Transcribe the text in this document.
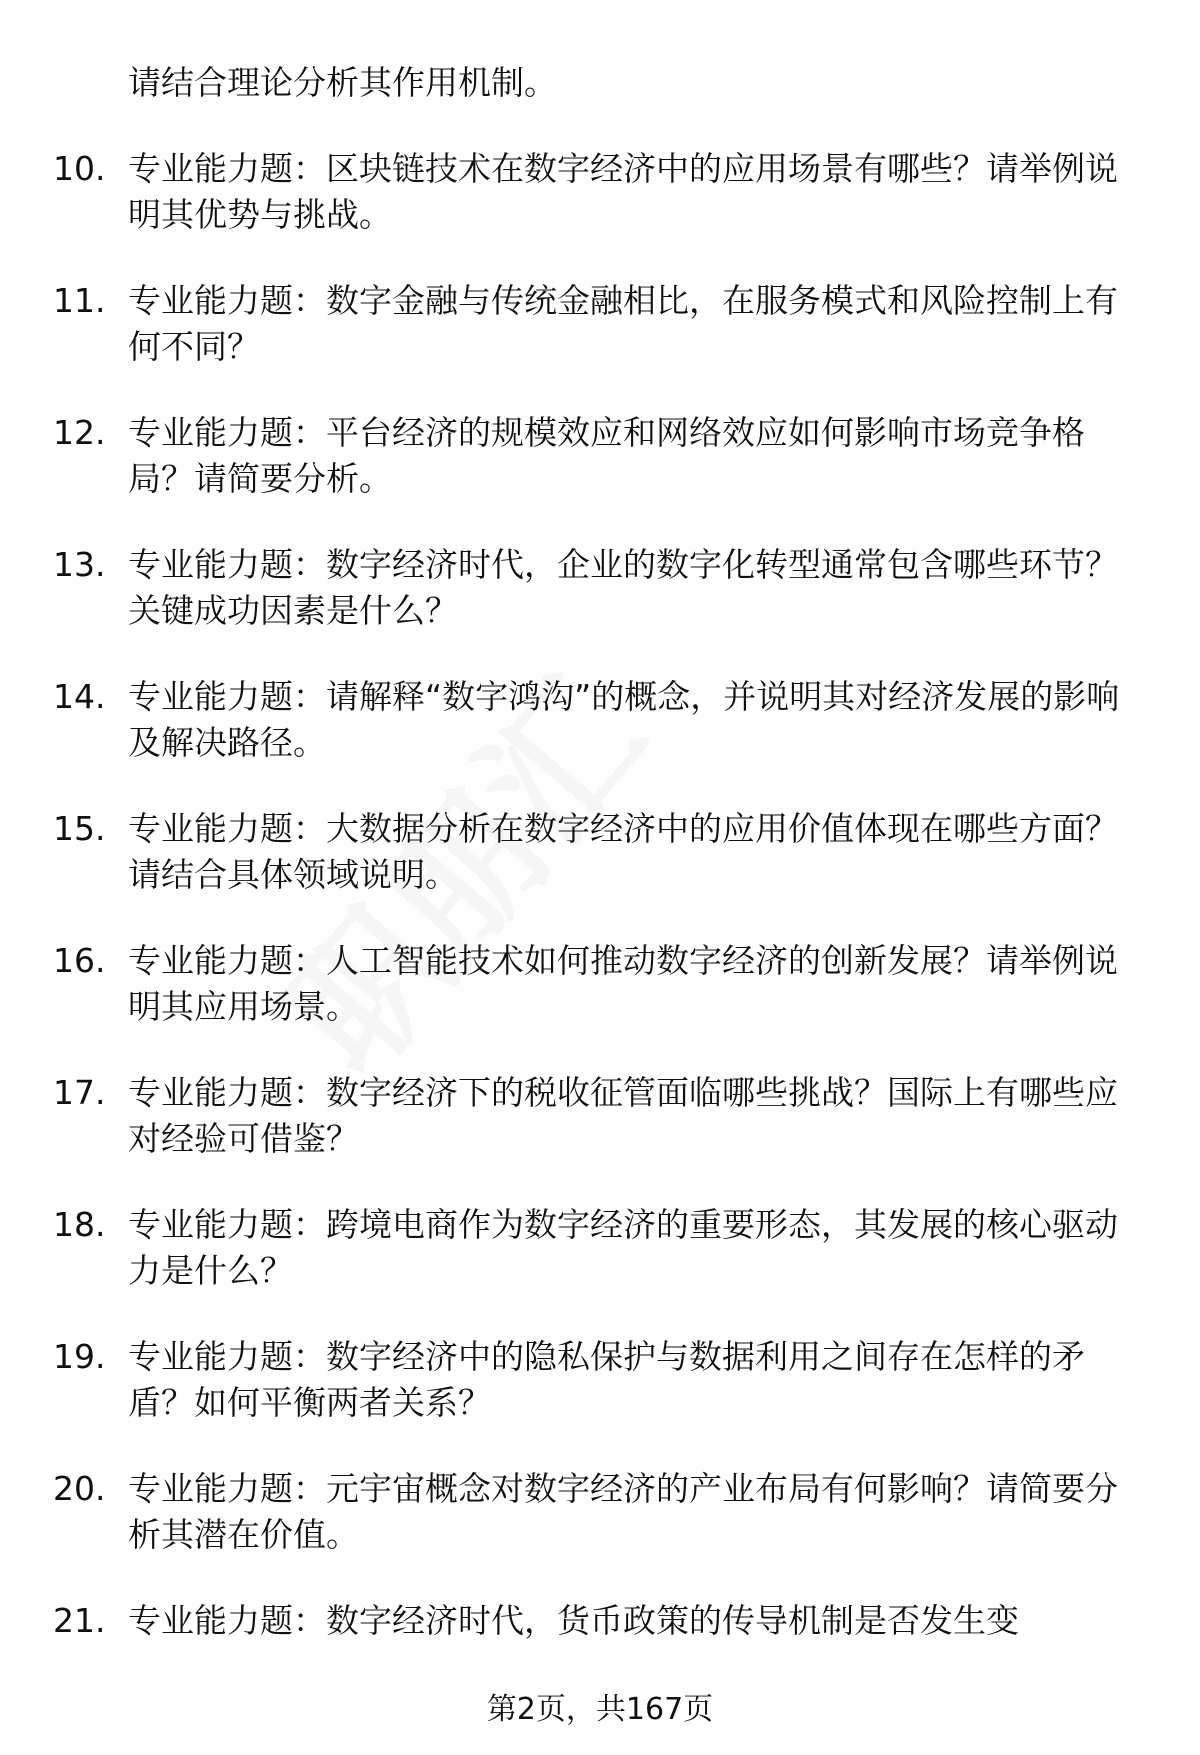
请结合理论分析其作用机制。
10. 专业能力题：区块链技术在数字经济中的应用场景有哪些？请举例说明其优势与挑战。
11. 专业能力题：数字金融与传统金融相比，在服务模式和风险控制上有何不同？
12. 专业能力题：平台经济的规模效应和网络效应如何影响市场竞争格局？请简要分析。
13. 专业能力题：数字经济时代，企业的数字化转型通常包含哪些环节？关键成功因素是什么？
14. 专业能力题：请解释“数字鸿沟”的概念，并说明其对经济发展的影响及解决路径。
15. 专业能力题：大数据分析在数字经济中的应用价值体现在哪些方面？请结合具体领域说明。
16. 专业能力题：人工智能技术如何推动数字经济的创新发展？请举例说明其应用场景。
17. 专业能力题：数字经济下的税收征管面临哪些挑战？国际上有哪些应对经验可借鉴？
18. 专业能力题：跨境电商作为数字经济的重要形态，其发展的核心驱动力是什么？
19. 专业能力题：数字经济中的隐私保护与数据利用之间存在怎样的矛盾？如何平衡两者关系？
20. 专业能力题：元宇宙概念对数字经济的产业布局有何影响？请简要分析其潜在价值。
21. 专业能力题：数字经济时代，货币政策的传导机制是否发生变
第2页，共167页
